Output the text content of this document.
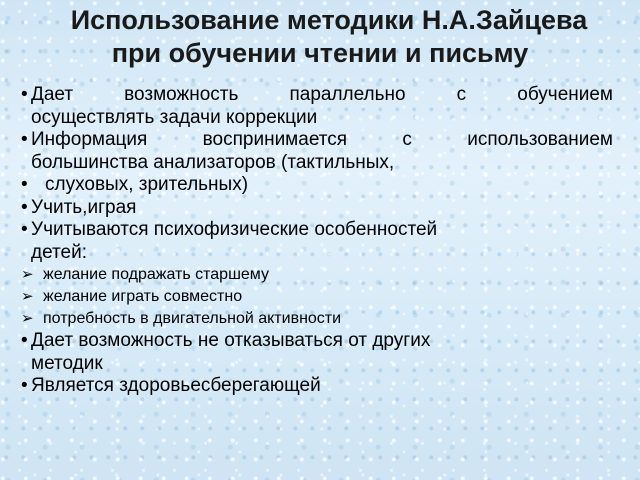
Использование методики Н.А.Зайцева
при обучении чтении и письму
• Дает возможность параллельно с обучением
осуществлять задачи коррекции
• Информация воспринимается с использованием
большинства анализаторов (тактильных,
• слуховых, зрительных)
• Учить,играя
• Учитываются психофизические особенностей
детей:
➢ желание подражать старшему
➢ желание играть совместно
➢ потребность в двигательной активности
• Дает возможность не отказываться от других
методик
• Является здоровьесберегающей
